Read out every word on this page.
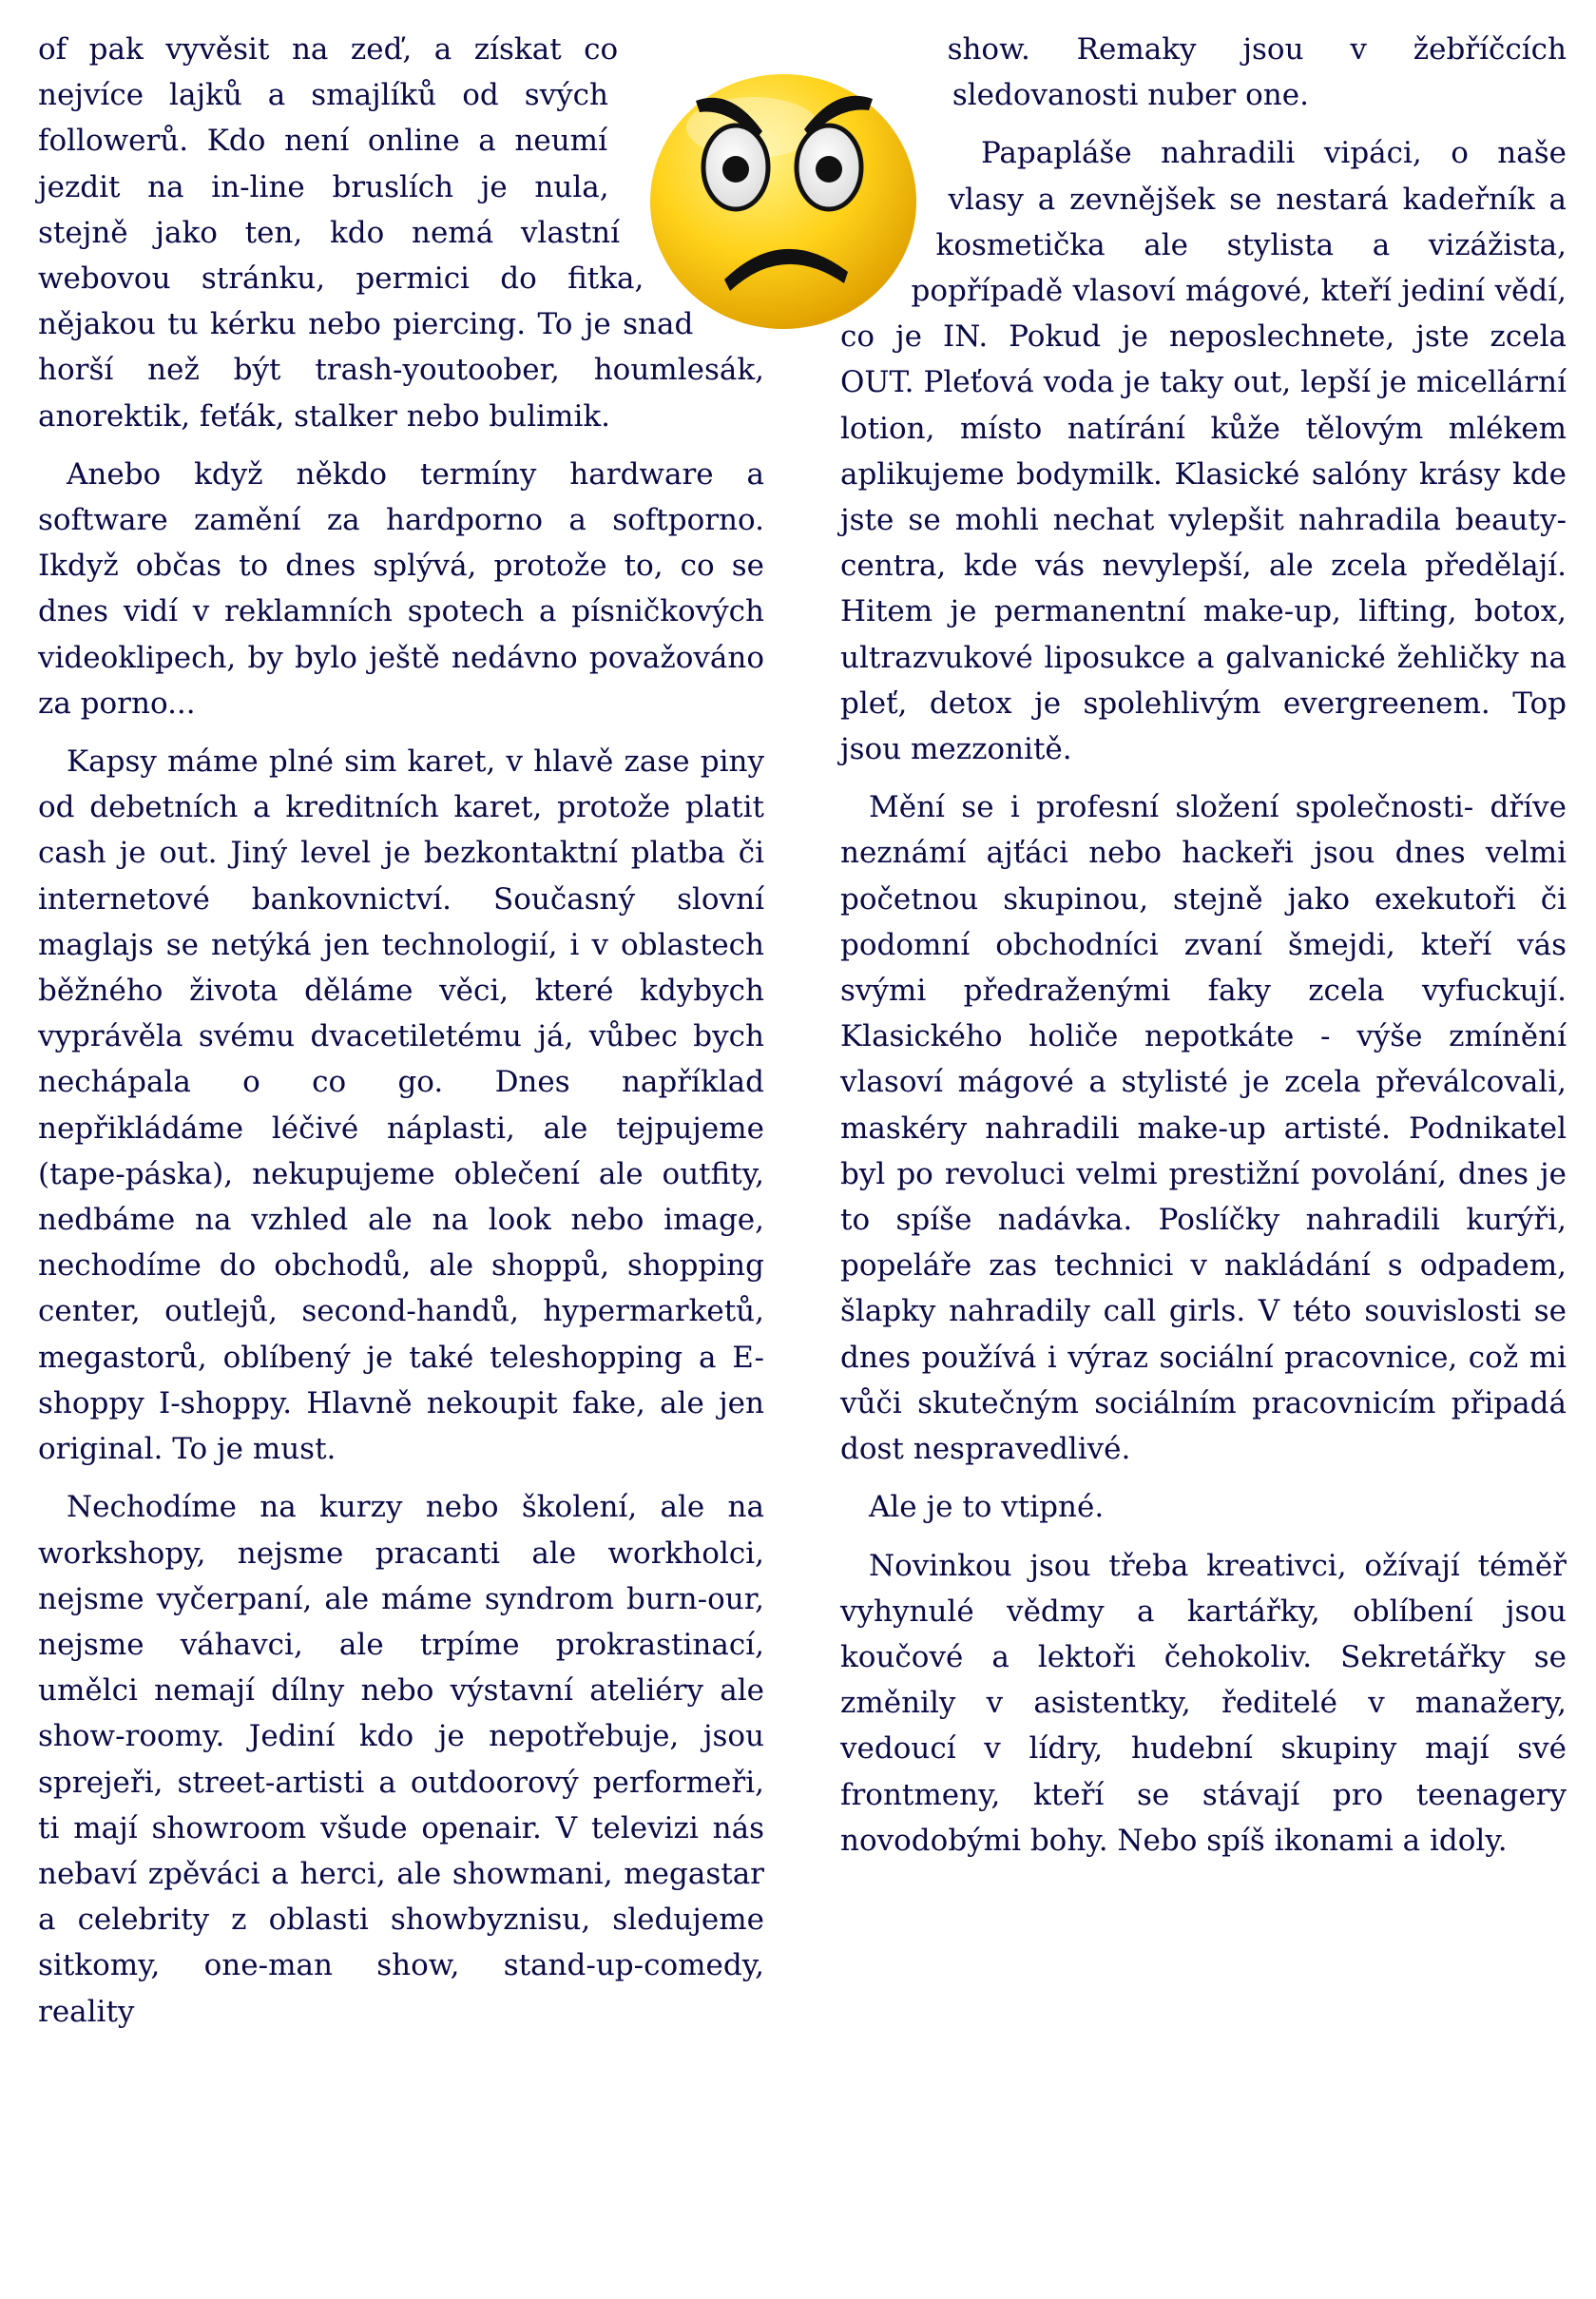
of pak vyvěsit na zeď, a získat co nejvíce lajků a smajlíků od svých followerů. Kdo není online a neumí jezdit na in-line bruslích je nula, stejně jako ten, kdo nemá vlastní webovou stránku, permici do fitka, nějakou tu kérku nebo piercing. To je snad horší než být trash-youtoober, houmlesák, anorektik, feťák, stalker nebo bulimik.

Anebo když někdo termíny hardware a software zamění za hardporno a softporno. Ikdyž občas to dnes splývá, protože to, co se dnes vidí v reklamních spotech a písničkových videoklipech, by bylo ještě nedávno považováno za porno...

Kapsy máme plné sim karet, v hlavě zase piny od debetních a kreditních karet, protože platit cash je out. Jiný level je bezkontaktní platba či internetové bankovnictví. Současný slovní maglajs se netýká jen technologií, i v oblastech běžného života děláme věci, které kdybych vyprávěla svému dvacetiletému já, vůbec bych nechápala o co go. Dnes například nepřikládáme léčivé náplasti, ale tejpujeme (tape-páska), nekupujeme oblečení ale outfity, nedbáme na vzhled ale na look nebo image, nechodíme do obchodů, ale shoppů, shopping center, outlejů, second-handů, hypermarketů, megastorů, oblíbený je také teleshopping a E-shoppy I-shoppy. Hlavně nekoupit fake, ale jen original. To je must.

Nechodíme na kurzy nebo školení, ale na workshopy, nejsme pracanti ale workholci, nejsme vyčerpaní, ale máme syndrom burn-our, nejsme váhavci, ale trpíme prokrastinací, umělci nemají dílny nebo výstavní ateliéry ale show-roomy. Jediní kdo je nepotřebuje, jsou sprejeři, street-artisti a outdoorový performeři, ti mají showroom všude openair. V televizi nás nebaví zpěváci a herci, ale showmani, megastar a celebrity z oblasti showbyznisu, sledujeme sitkomy, one-man show, stand-up-comedy, reality

show. Remaky jsou v žebříčcích sledovanosti nuber one.

Papapláše nahradili vipáci, o naše vlasy a zevnějšek se nestará kadeřník a kosmetička ale stylista a vizážista, popřípadě vlasoví mágové, kteří jediní vědí, co je IN. Pokud je neposlechnete, jste zcela OUT. Pleťová voda je taky out, lepší je micellární lotion, místo natírání kůže tělovým mlékem aplikujeme bodymilk. Klasické salóny krásy kde jste se mohli nechat vylepšit nahradila beauty-centra, kde vás nevylepší, ale zcela předělají. Hitem je permanentní make-up, lifting, botox, ultrazvukové liposukce a galvanické žehličky na pleť, detox je spolehlivým evergreenem. Top jsou mezzonitě.

Mění se i profesní složení společnosti- dříve neznámí ajťáci nebo hackeři jsou dnes velmi početnou skupinou, stejně jako exekutoři či podomní obchodníci zvaní šmejdi, kteří vás svými předraženými faky zcela vyfuckují. Klasického holiče nepotkáte - výše zmínění vlasoví mágové a stylisté je zcela převálcovali, maskéry nahradili make-up artisté. Podnikatel byl po revoluci velmi prestižní povolání, dnes je to spíše nadávka. Poslíčky nahradili kurýři, popeláře zas technici v nakládání s odpadem, šlapky nahradily call girls. V této souvislosti se dnes používá i výraz sociální pracovnice, což mi vůči skutečným sociálním pracovnicím připadá dost nespravedlivé.

Ale je to vtipné.

Novinkou jsou třeba kreativci, ožívají téměř vyhynulé vědmy a kartářky, oblíbení jsou koučové a lektoři čehokoliv. Sekretářky se změnily v asistentky, ředitelé v manažery, vedoucí v lídry, hudební skupiny mají své frontmeny, kteří se stávají pro teenagery novodobými bohy. Nebo spíš ikonami a idoly.
